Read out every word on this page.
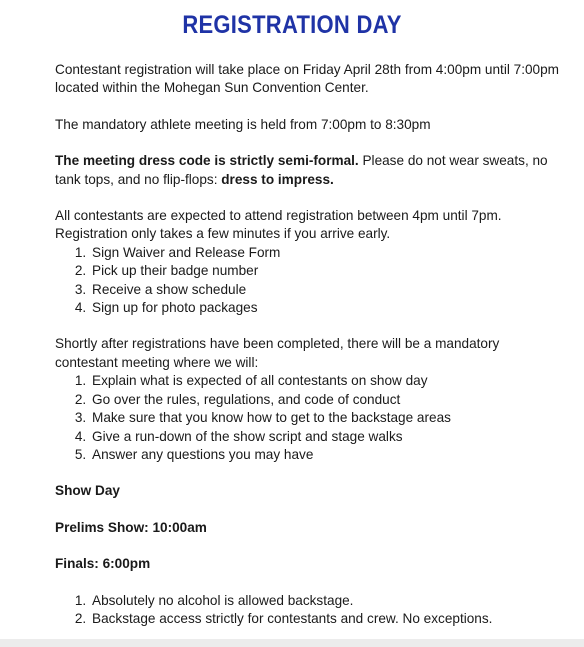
REGISTRATION DAY

Contestant registration will take place on Friday April 28th from 4:00pm until 7:00pm located within the Mohegan Sun Convention Center.

The mandatory athlete meeting is held from 7:00pm to 8:30pm

The meeting dress code is strictly semi-formal. Please do not wear sweats, no tank tops, and no flip-flops: dress to impress.

All contestants are expected to attend registration between 4pm until 7pm. Registration only takes a few minutes if you arrive early.

1. Sign Waiver and Release Form
2. Pick up their badge number
3. Receive a show schedule
4. Sign up for photo packages

Shortly after registrations have been completed, there will be a mandatory contestant meeting where we will:

1. Explain what is expected of all contestants on show day
2. Go over the rules, regulations, and code of conduct
3. Make sure that you know how to get to the backstage areas
4. Give a run-down of the show script and stage walks
5. Answer any questions you may have

Show Day

Prelims Show: 10:00am

Finals: 6:00pm

1. Absolutely no alcohol is allowed backstage.
2. Backstage access strictly for contestants and crew. No exceptions.
